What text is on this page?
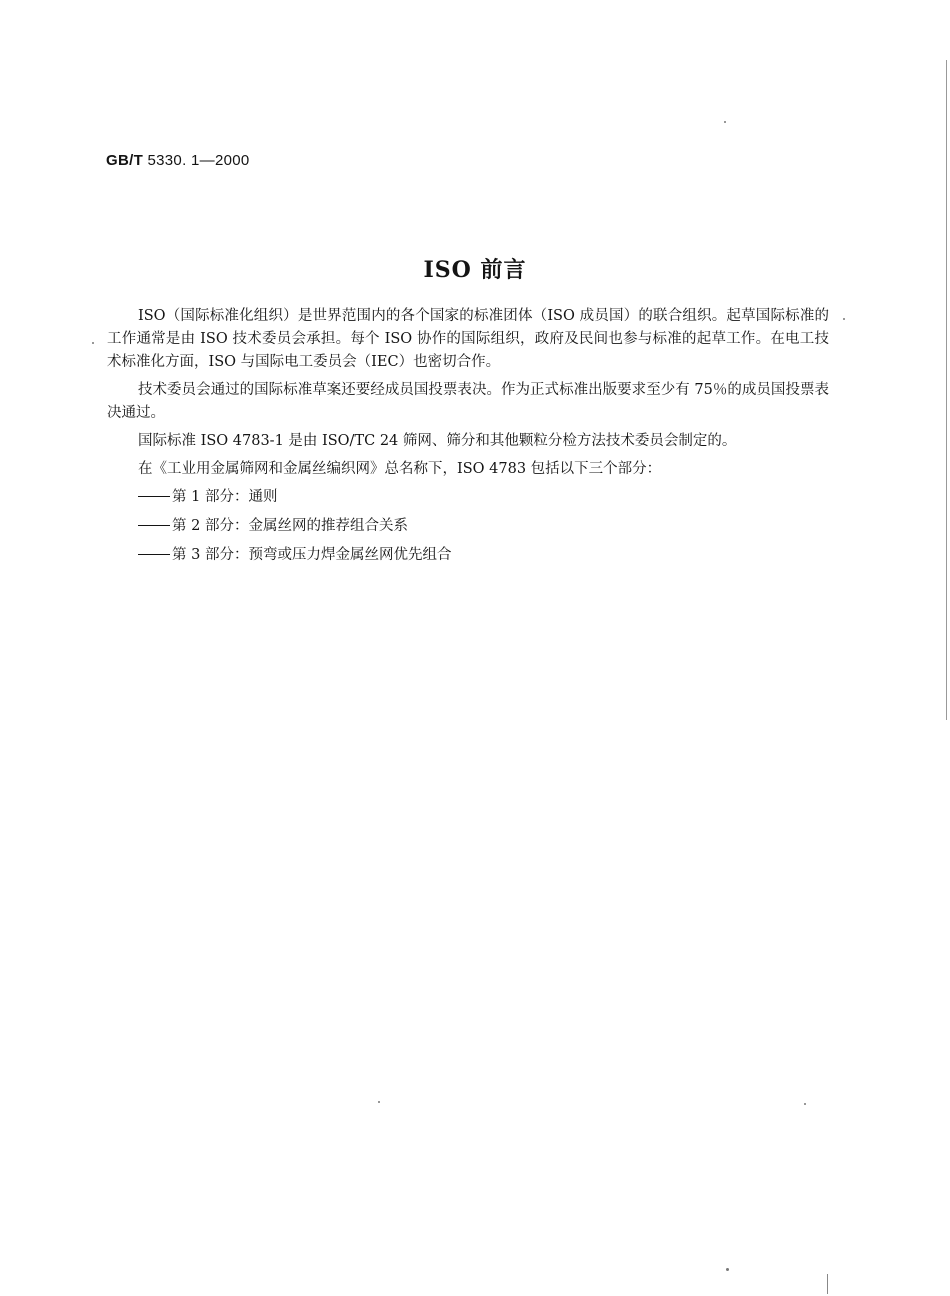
GB/T 5330. 1—2000
ISO 前言

ISO（国际标准化组织）是世界范围内的各个国家的标准团体（ISO 成员国）的联合组织。起草国际标准的工作通常是由 ISO 技术委员会承担。每个 ISO 协作的国际组织，政府及民间也参与标准的起草工作。在电工技术标准化方面，ISO 与国际电工委员会（IEC）也密切合作。

技术委员会通过的国际标准草案还要经成员国投票表决。作为正式标准出版要求至少有 75％的成员国投票表决通过。

国际标准 ISO 4783-1 是由 ISO/TC 24 筛网、筛分和其他颗粒分检方法技术委员会制定的。

在《工业用金属筛网和金属丝编织网》总名称下，ISO 4783 包括以下三个部分：

第 1 部分：通则

第 2 部分：金属丝网的推荐组合关系

第 3 部分：预弯或压力焊金属丝网优先组合
